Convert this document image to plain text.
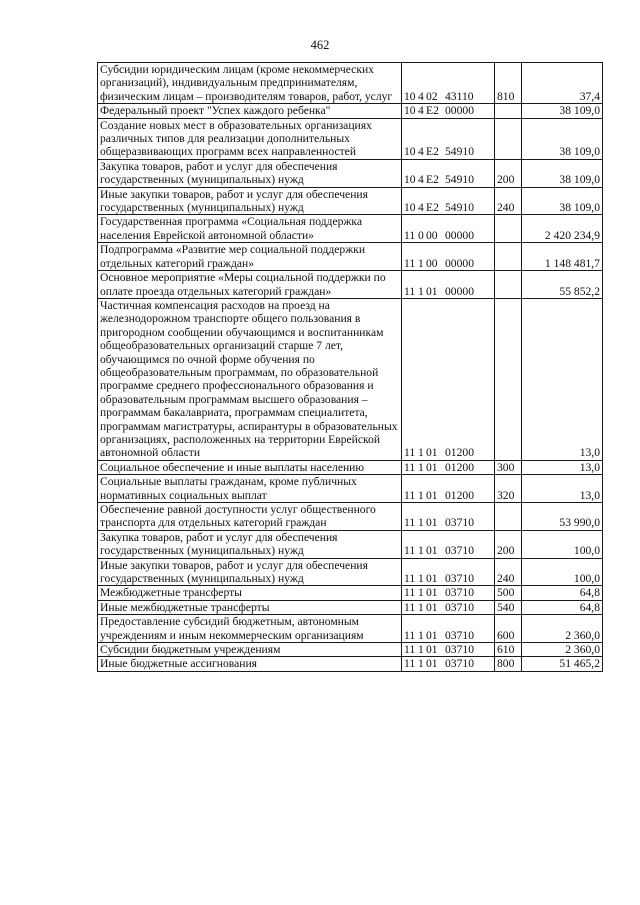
462
Субсидии юридическим лицам (кроме некоммерческих организаций), индивидуальным предпринимателям, физическим лицам – производителям товаров, работ, услуг	10 4 02 43110	810	37,4
Федеральный проект "Успех каждого ребенка"	10 4 E2 00000		38 109,0
Создание новых мест в образовательных организациях различных типов для реализации дополнительных общеразвивающих программ всех направленностей	10 4 E2 54910		38 109,0
Закупка товаров, работ и услуг для обеспечения государственных (муниципальных) нужд	10 4 E2 54910	200	38 109,0
Иные закупки товаров, работ и услуг для обеспечения государственных (муниципальных) нужд	10 4 E2 54910	240	38 109,0
Государственная программа «Социальная поддержка населения Еврейской автономной области»	11 0 00 00000		2 420 234,9
Подпрограмма «Развитие мер социальной поддержки отдельных категорий граждан»	11 1 00 00000		1 148 481,7
Основное мероприятие «Меры социальной поддержки по оплате проезда отдельных категорий граждан»	11 1 01 00000		55 852,2
Частичная компенсация расходов на проезд на железнодорожном транспорте общего пользования в пригородном сообщении обучающимся и воспитанникам общеобразовательных организаций старше 7 лет, обучающимся по очной форме обучения по общеобразовательным программам, по образовательной программе среднего профессионального образования и образовательным программам высшего образования – программам бакалавриата, программам специалитета, программам магистратуры, аспирантуры в образовательных организациях, расположенных на территории Еврейской автономной области	11 1 01 01200		13,0
Социальное обеспечение и иные выплаты населению	11 1 01 01200	300	13,0
Социальные выплаты гражданам, кроме публичных нормативных социальных выплат	11 1 01 01200	320	13,0
Обеспечение равной доступности услуг общественного транспорта для отдельных категорий граждан	11 1 01 03710		53 990,0
Закупка товаров, работ и услуг для обеспечения государственных (муниципальных) нужд	11 1 01 03710	200	100,0
Иные закупки товаров, работ и услуг для обеспечения государственных (муниципальных) нужд	11 1 01 03710	240	100,0
Межбюджетные трансферты	11 1 01 03710	500	64,8
Иные межбюджетные трансферты	11 1 01 03710	540	64,8
Предоставление субсидий бюджетным, автономным учреждениям и иным некоммерческим организациям	11 1 01 03710	600	2 360,0
Субсидии бюджетным учреждениям	11 1 01 03710	610	2 360,0
Иные бюджетные ассигнования	11 1 01 03710	800	51 465,2
